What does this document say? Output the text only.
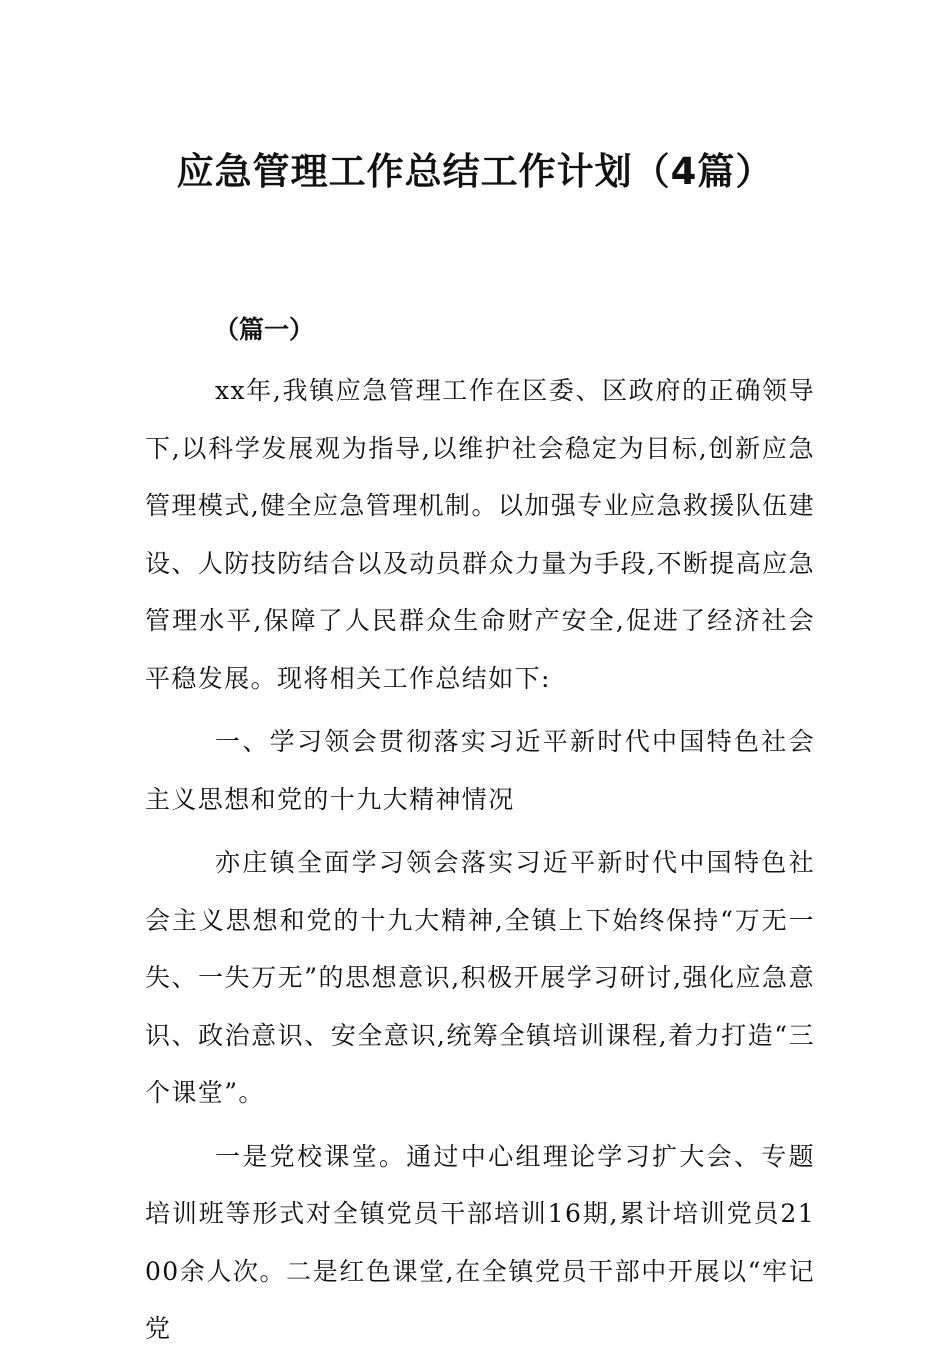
应急管理工作总结工作计划（4篇）
（篇一）

xx年,我镇应急管理工作在区委、区政府的正确领导下,以科学发展观为指导,以维护社会稳定为目标,创新应急管理模式,健全应急管理机制。以加强专业应急救援队伍建设、人防技防结合以及动员群众力量为手段,不断提高应急管理水平,保障了人民群众生命财产安全,促进了经济社会平稳发展。现将相关工作总结如下:

一、学习领会贯彻落实习近平新时代中国特色社会主义思想和党的十九大精神情况

亦庄镇全面学习领会落实习近平新时代中国特色社会主义思想和党的十九大精神,全镇上下始终保持“万无一失、一失万无”的思想意识,积极开展学习研讨,强化应急意识、政治意识、安全意识,统筹全镇培训课程,着力打造“三个课堂”。

一是党校课堂。通过中心组理论学习扩大会、专题培训班等形式对全镇党员干部培训16期,累计培训党员2100余人次。二是红色课堂,在全镇党员干部中开展以“牢记党
